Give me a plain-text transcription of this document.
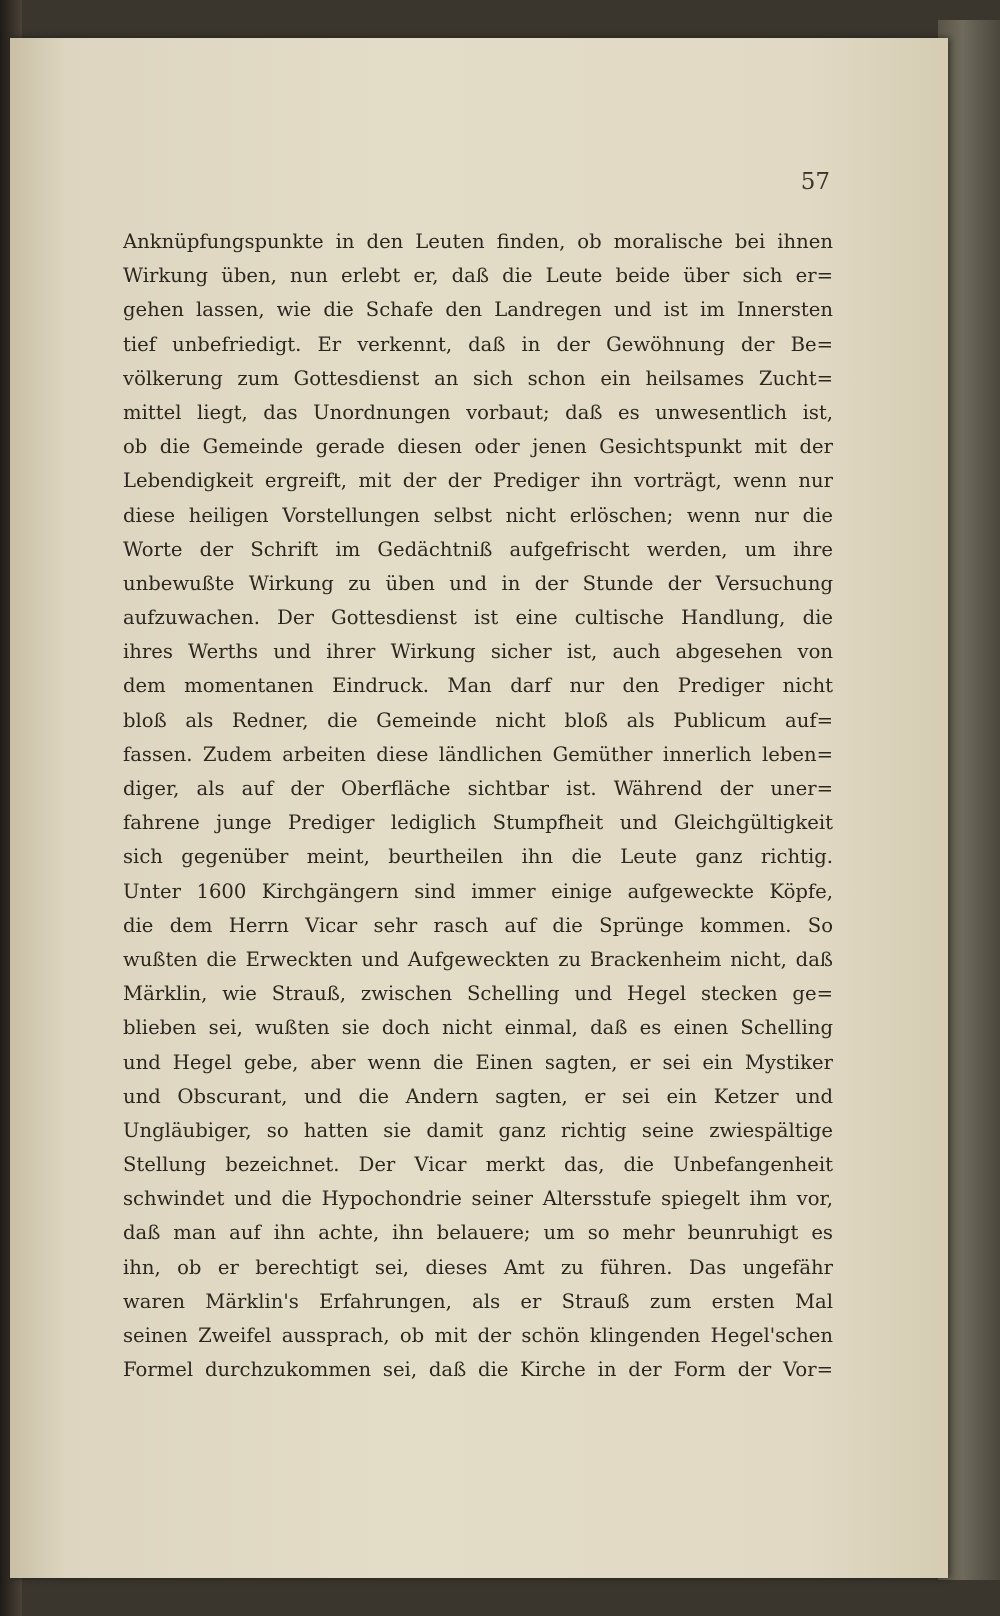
57

Anknüpfungspunkte in den Leuten finden, ob moralische bei ihnen
Wirkung üben, nun erlebt er, daß die Leute beide über sich er=
gehen lassen, wie die Schafe den Landregen und ist im Innersten
tief unbefriedigt. Er verkennt, daß in der Gewöhnung der Be=
völkerung zum Gottesdienst an sich schon ein heilsames Zucht=
mittel liegt, das Unordnungen vorbaut; daß es unwesentlich ist,
ob die Gemeinde gerade diesen oder jenen Gesichtspunkt mit der
Lebendigkeit ergreift, mit der der Prediger ihn vorträgt, wenn nur
diese heiligen Vorstellungen selbst nicht erlöschen; wenn nur die
Worte der Schrift im Gedächtniß aufgefrischt werden, um ihre
unbewußte Wirkung zu üben und in der Stunde der Versuchung
aufzuwachen. Der Gottesdienst ist eine cultische Handlung, die
ihres Werths und ihrer Wirkung sicher ist, auch abgesehen von
dem momentanen Eindruck. Man darf nur den Prediger nicht
bloß als Redner, die Gemeinde nicht bloß als Publicum auf=
fassen. Zudem arbeiten diese ländlichen Gemüther innerlich leben=
diger, als auf der Oberfläche sichtbar ist. Während der uner=
fahrene junge Prediger lediglich Stumpfheit und Gleichgültigkeit
sich gegenüber meint, beurtheilen ihn die Leute ganz richtig.
Unter 1600 Kirchgängern sind immer einige aufgeweckte Köpfe,
die dem Herrn Vicar sehr rasch auf die Sprünge kommen. So
wußten die Erweckten und Aufgeweckten zu Brackenheim nicht, daß
Märklin, wie Strauß, zwischen Schelling und Hegel stecken ge=
blieben sei, wußten sie doch nicht einmal, daß es einen Schelling
und Hegel gebe, aber wenn die Einen sagten, er sei ein Mystiker
und Obscurant, und die Andern sagten, er sei ein Ketzer und
Ungläubiger, so hatten sie damit ganz richtig seine zwiespältige
Stellung bezeichnet. Der Vicar merkt das, die Unbefangenheit
schwindet und die Hypochondrie seiner Altersstufe spiegelt ihm vor,
daß man auf ihn achte, ihn belauere; um so mehr beunruhigt es
ihn, ob er berechtigt sei, dieses Amt zu führen. Das ungefähr
waren Märklin's Erfahrungen, als er Strauß zum ersten Mal
seinen Zweifel aussprach, ob mit der schön klingenden Hegel'schen
Formel durchzukommen sei, daß die Kirche in der Form der Vor=
